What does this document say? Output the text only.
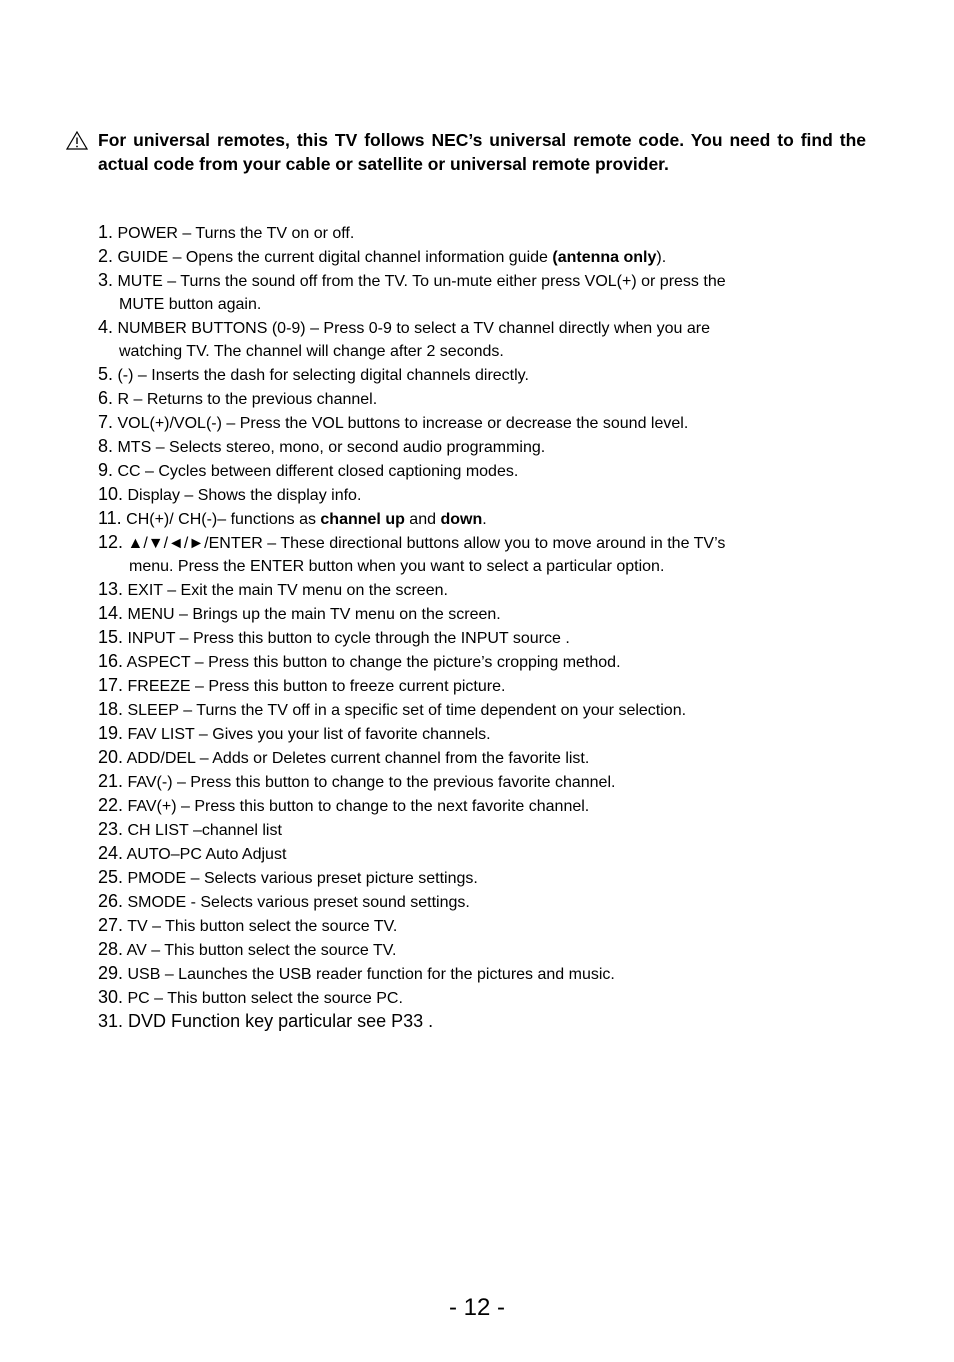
For universal remotes, this TV follows NEC’s universal remote code. You need to find the actual code from your cable or satellite or universal remote provider.
1. POWER – Turns the TV on or off.
2. GUIDE – Opens the current digital channel information guide (antenna only).
3. MUTE – Turns the sound off from the TV. To un-mute either press VOL(+) or press the
MUTE button again.
4. NUMBER BUTTONS (0-9) – Press 0-9 to select a TV channel directly when you are
watching TV. The channel will change after 2 seconds.
5. (-) – Inserts the dash for selecting digital channels directly.
6. R – Returns to the previous channel.
7. VOL(+)/VOL(-) – Press the VOL buttons to increase or decrease the sound level.
8. MTS – Selects stereo, mono, or second audio programming.
9. CC – Cycles between different closed captioning modes.
10. Display – Shows the display info.
11. CH(+)/ CH(-)– functions as channel up and down.
12. ▲/▼/◄/►/ENTER – These directional buttons allow you to move around in the TV’s
menu. Press the ENTER button when you want to select a particular option.
13. EXIT – Exit the main TV menu on the screen.
14. MENU – Brings up the main TV menu on the screen.
15. INPUT – Press this button to cycle through the INPUT source .
16. ASPECT – Press this button to change the picture’s cropping method.
17. FREEZE – Press this button to freeze current picture.
18. SLEEP – Turns the TV off in a specific set of time dependent on your selection.
19. FAV LIST – Gives you your list of favorite channels.
20. ADD/DEL – Adds or Deletes current channel from the favorite list.
21. FAV(-) – Press this button to change to the previous favorite channel.
22. FAV(+) – Press this button to change to the next favorite channel.
23. CH LIST –channel list
24. AUTO–PC Auto Adjust
25. PMODE – Selects various preset picture settings.
26. SMODE - Selects various preset sound settings.
27. TV – This button select the source TV.
28. AV – This button select the source TV.
29. USB – Launches the USB reader function for the pictures and music.
30. PC – This button select the source PC.
31. DVD Function key particular see P33 .
- 12 -
